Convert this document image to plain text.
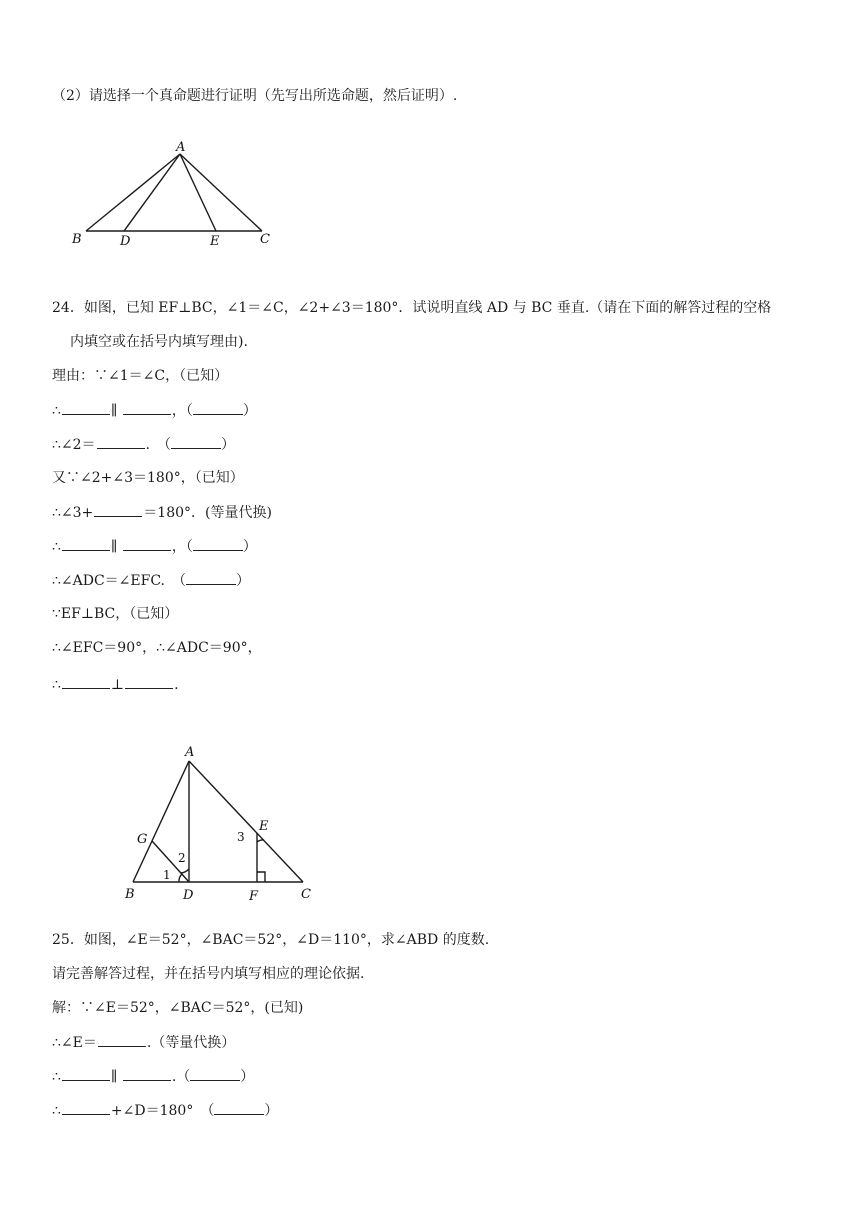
（2）请选择一个真命题进行证明（先写出所选命题，然后证明）.
A
B	D	E	C
24．如图，已知 EF⊥BC，∠1＝∠C，∠2+∠3＝180°．试说明直线 AD 与 BC 垂直.（请在下面的解答过程的空格
内填空或在括号内填写理由).
理由：∵∠1＝∠C，（已知）
∴	∥	，（	）
∴∠2＝	.　（	）
又∵∠2+∠3＝180°，（已知）
∴∠3+	＝180°．(等量代换)
∴	∥	，（	）
∴∠ADC＝∠EFC.　（	）
∵EF⊥BC，（已知）
∴∠EFC＝90°，∴∠ADC＝90°，
∴	⊥	.
A
G
E
B	D	F	C
1
2
3
25．如图，∠E＝52°，∠BAC＝52°，∠D＝110°，求∠ABD 的度数.
请完善解答过程，并在括号内填写相应的理论依据.
解：∵∠E＝52°，∠BAC＝52°，(已知)
∴∠E＝	.（等量代换）
∴	∥	.（	）
∴	+∠D＝180°　（	）
